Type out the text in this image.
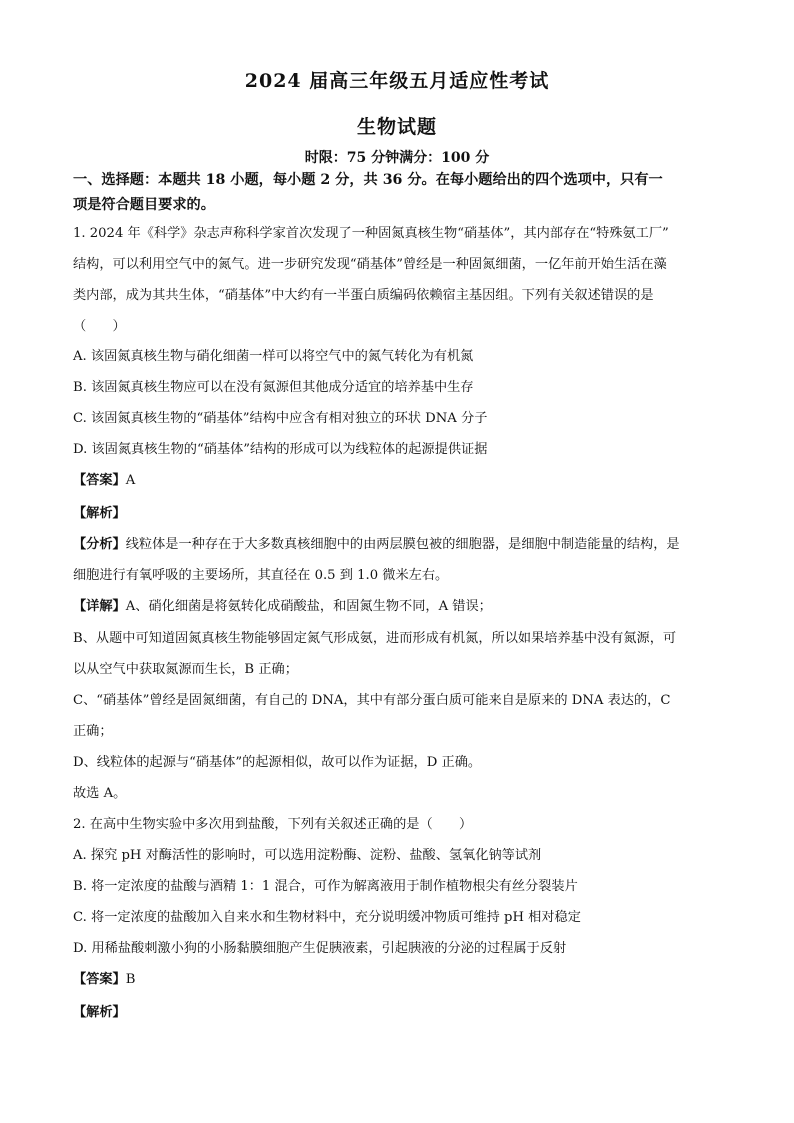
2024 届高三年级五月适应性考试
生物试题
时限：75 分钟满分：100 分
一、选择题：本题共 18 小题，每小题 2 分，共 36 分。在每小题给出的四个选项中，只有一
项是符合题目要求的。
1. 2024 年《科学》杂志声称科学家首次发现了一种固氮真核生物“硝基体”，其内部存在“特殊氨工厂”
结构，可以利用空气中的氮气。进一步研究发现“硝基体”曾经是一种固氮细菌，一亿年前开始生活在藻
类内部，成为其共生体，“硝基体”中大约有一半蛋白质编码依赖宿主基因组。下列有关叙述错误的是
（　　）
A. 该固氮真核生物与硝化细菌一样可以将空气中的氮气转化为有机氮
B. 该固氮真核生物应可以在没有氮源但其他成分适宜的培养基中生存
C. 该固氮真核生物的“硝基体”结构中应含有相对独立的环状 DNA 分子
D. 该固氮真核生物的“硝基体”结构的形成可以为线粒体的起源提供证据
【答案】A
【解析】
【分析】线粒体是一种存在于大多数真核细胞中的由两层膜包被的细胞器，是细胞中制造能量的结构，是
细胞进行有氧呼吸的主要场所，其直径在 0.5 到 1.0 微米左右。
【详解】A、硝化细菌是将氨转化成硝酸盐，和固氮生物不同，A 错误；
B、从题中可知道固氮真核生物能够固定氮气形成氨，进而形成有机氮，所以如果培养基中没有氮源，可
以从空气中获取氮源而生长，B 正确；
C、“硝基体”曾经是固氮细菌，有自己的 DNA，其中有部分蛋白质可能来自是原来的 DNA 表达的，C
正确；
D、线粒体的起源与“硝基体”的起源相似，故可以作为证据，D 正确。
故选 A。
2. 在高中生物实验中多次用到盐酸，下列有关叙述正确的是（　　）
A. 探究 pH 对酶活性的影响时，可以选用淀粉酶、淀粉、盐酸、氢氧化钠等试剂
B. 将一定浓度的盐酸与酒精 1：1 混合，可作为解离液用于制作植物根尖有丝分裂装片
C. 将一定浓度的盐酸加入自来水和生物材料中，充分说明缓冲物质可维持 pH 相对稳定
D. 用稀盐酸刺激小狗的小肠黏膜细胞产生促胰液素，引起胰液的分泌的过程属于反射
【答案】B
【解析】
